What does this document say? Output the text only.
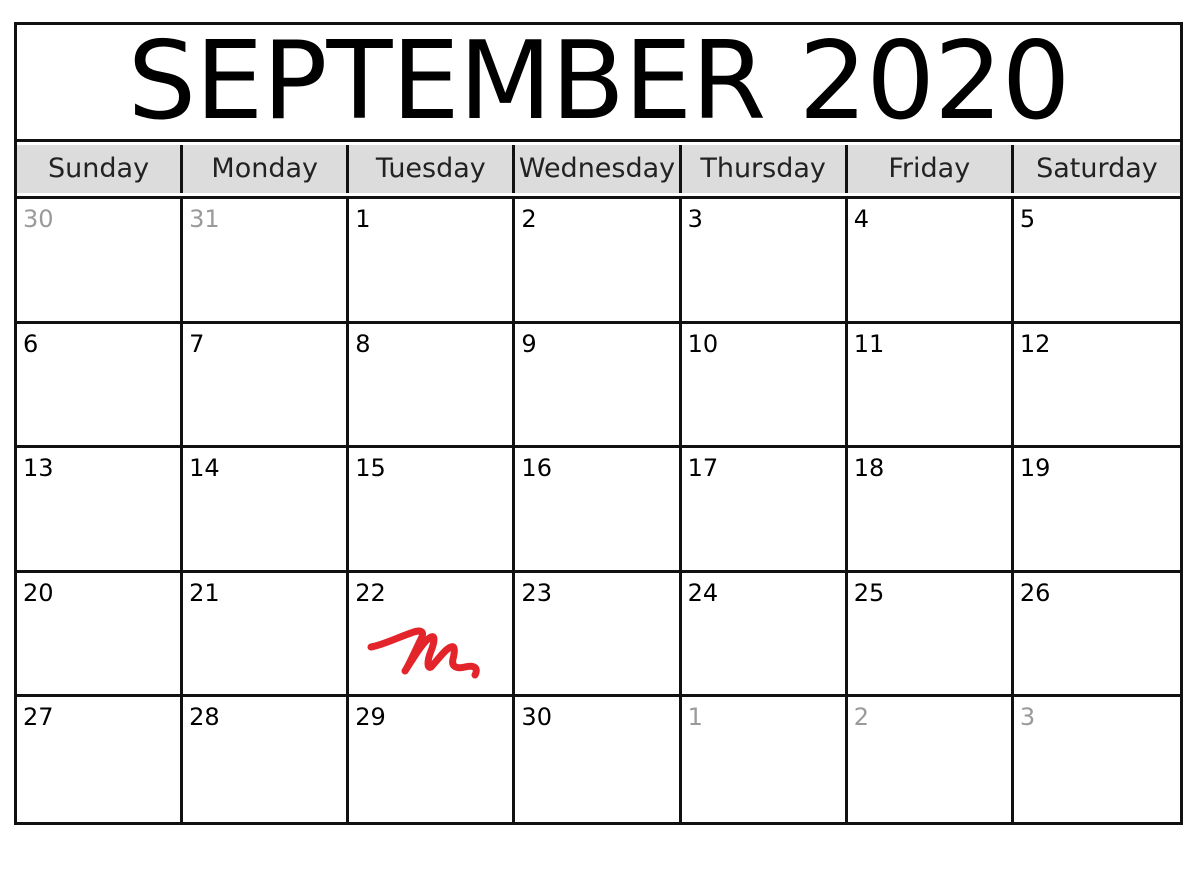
SEPTEMBER 2020
Sunday	Monday	Tuesday	Wednesday Thursday	Friday	Saturday
30	31	1	2	3	4	5
6	7	8	9	10	11	12
13	14	15	16	17	18	19
20	21	22	23	24	25	26
27	28	29	30	1	2	3
